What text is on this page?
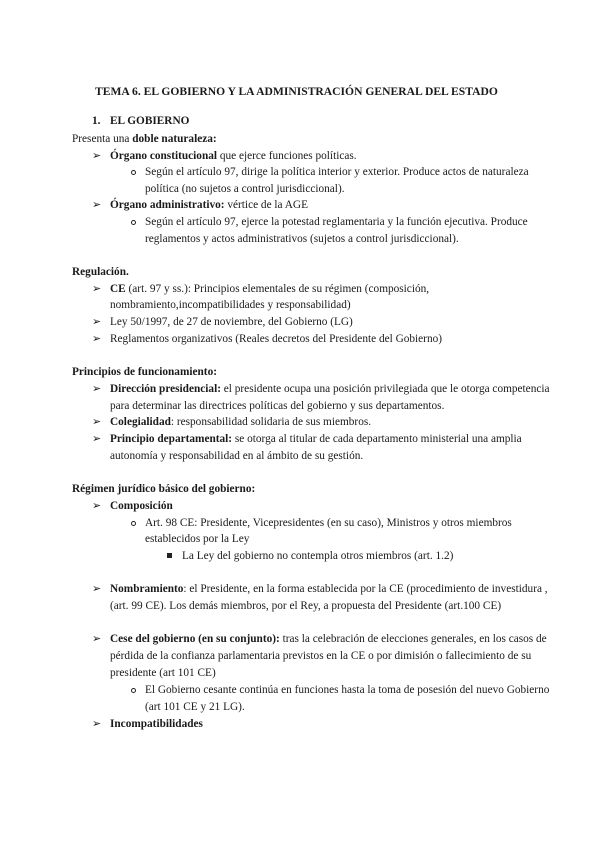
TEMA 6. EL GOBIERNO Y LA ADMINISTRACIÓN GENERAL DEL ESTADO
1. EL GOBIERNO
Presenta una doble naturaleza:
➢ Órgano constitucional que ejerce funciones políticas.
Según el artículo 97, dirige la política interior y exterior. Produce actos de naturaleza
política (no sujetos a control jurisdiccional).
➢ Órgano administrativo: vértice de la AGE
Según el artículo 97, ejerce la potestad reglamentaria y la función ejecutiva. Produce
reglamentos y actos administrativos (sujetos a control jurisdiccional).
Regulación.
➢ CE (art. 97 y ss.): Principios elementales de su régimen (composición,
nombramiento,incompatibilidades y responsabilidad)
➢ Ley 50/1997, de 27 de noviembre, del Gobierno (LG)
➢ Reglamentos organizativos (Reales decretos del Presidente del Gobierno)
Principios de funcionamiento:
➢ Dirección presidencial: el presidente ocupa una posición privilegiada que le otorga competencia
para determinar las directrices políticas del gobierno y sus departamentos.
➢ Colegialidad: responsabilidad solidaria de sus miembros.
➢ Principio departamental: se otorga al titular de cada departamento ministerial una amplia
autonomía y responsabilidad en al ámbito de su gestión.
Régimen jurídico básico del gobierno:
➢ Composición
Art. 98 CE: Presidente, Vicepresidentes (en su caso), Ministros y otros miembros
establecidos por la Ley
La Ley del gobierno no contempla otros miembros (art. 1.2)
➢ Nombramiento: el Presidente, en la forma establecida por la CE (procedimiento de investidura ,
(art. 99 CE). Los demás miembros, por el Rey, a propuesta del Presidente (art.100 CE)
➢ Cese del gobierno (en su conjunto): tras la celebración de elecciones generales, en los casos de
pérdida de la confianza parlamentaria previstos en la CE o por dimisión o fallecimiento de su
presidente (art 101 CE)
El Gobierno cesante continúa en funciones hasta la toma de posesión del nuevo Gobierno
(art 101 CE y 21 LG).
➢ Incompatibilidades
